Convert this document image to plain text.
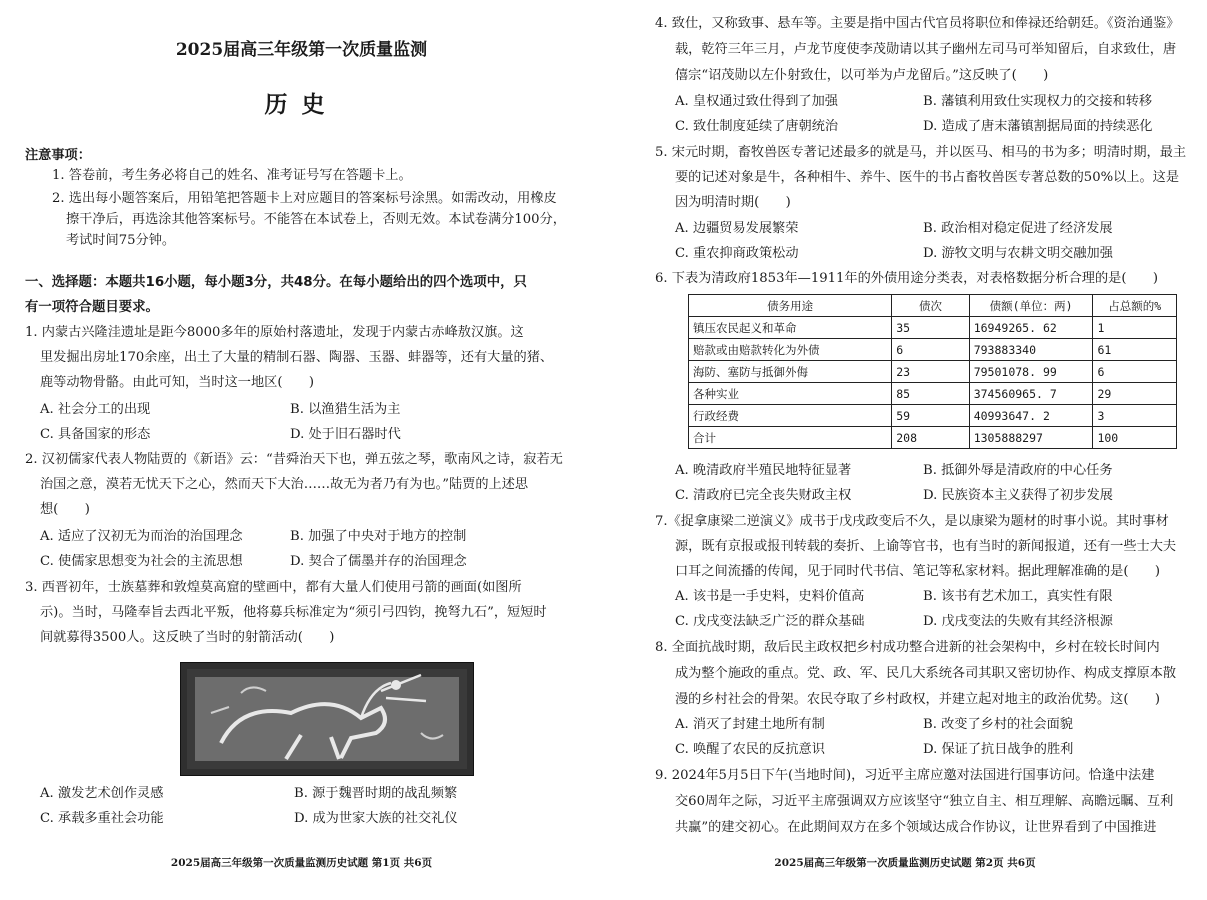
2025届高三年级第一次质量监测
历史
注意事项：
1. 答卷前，考生务必将自己的姓名、准考证号写在答题卡上。
2. 选出每小题答案后，用铅笔把答题卡上对应题目的答案标号涂黑。如需改动，用橡皮
擦干净后，再选涂其他答案标号。不能答在本试卷上，否则无效。本试卷满分100分，
考试时间75分钟。
一、选择题：本题共16小题，每小题3分，共48分。在每小题给出的四个选项中，只
有一项符合题目要求。
1. 内蒙古兴隆洼遗址是距今8000多年的原始村落遗址，发现于内蒙古赤峰敖汉旗。这
里发掘出房址170余座，出土了大量的精制石器、陶器、玉器、蚌器等，还有大量的猪、
鹿等动物骨骼。由此可知，当时这一地区(　　)
A. 社会分工的出现	B. 以渔猎生活为主
C. 具备国家的形态	D. 处于旧石器时代
2. 汉初儒家代表人物陆贾的《新语》云：“昔舜治天下也，弹五弦之琴，歌南风之诗，寂若无
治国之意，漠若无忧天下之心，然而天下大治……故无为者乃有为也。”陆贾的上述思
想(　　)
A. 适应了汉初无为而治的治国理念	B. 加强了中央对于地方的控制
C. 使儒家思想变为社会的主流思想	D. 契合了儒墨并存的治国理念
3. 西晋初年，士族墓葬和敦煌莫高窟的壁画中，都有大量人们使用弓箭的画面(如图所
示)。当时，马隆奉旨去西北平叛，他将募兵标准定为“须引弓四钧，挽弩九石”，短短时
间就募得3500人。这反映了当时的射箭活动(　　)
A. 激发艺术创作灵感	B. 源于魏晋时期的战乱频繁
C. 承载多重社会功能	D. 成为世家大族的社交礼仪
2025届高三年级第一次质量监测历史试题 第1页 共6页
4. 致仕，又称致事、悬车等。主要是指中国古代官员将职位和俸禄还给朝廷。《资治通鉴》
载，乾符三年三月，卢龙节度使李茂勋请以其子幽州左司马可举知留后，自求致仕，唐
僖宗“诏茂勋以左仆射致仕，以可举为卢龙留后。”这反映了(　　)
A. 皇权通过致仕得到了加强	B. 藩镇利用致仕实现权力的交接和转移
C. 致仕制度延续了唐朝统治	D. 造成了唐末藩镇割据局面的持续恶化
5. 宋元时期，畜牧兽医专著记述最多的就是马，并以医马、相马的书为多；明清时期，最主
要的记述对象是牛，各种相牛、养牛、医牛的书占畜牧兽医专著总数的50%以上。这是
因为明清时期(　　)
A. 边疆贸易发展繁荣	B. 政治相对稳定促进了经济发展
C. 重农抑商政策松动	D. 游牧文明与农耕文明交融加强
6. 下表为清政府1853年—1911年的外债用途分类表，对表格数据分析合理的是(　　)
A. 晚清政府半殖民地特征显著	B. 抵御外辱是清政府的中心任务
C. 清政府已完全丧失财政主权	D. 民族资本主义获得了初步发展
7.《捉拿康梁二逆演义》成书于戊戌政变后不久，是以康梁为题材的时事小说。其时事材
源，既有京报或报刊转载的奏折、上谕等官书，也有当时的新闻报道，还有一些士大夫
口耳之间流播的传闻，见于同时代书信、笔记等私家材料。据此理解准确的是(　　)
A. 该书是一手史料，史料价值高	B. 该书有艺术加工，真实性有限
C. 戊戌变法缺乏广泛的群众基础	D. 戊戌变法的失败有其经济根源
8. 全面抗战时期，敌后民主政权把乡村成功整合进新的社会架构中，乡村在较长时间内
成为整个施政的重点。党、政、军、民几大系统各司其职又密切协作、构成支撑原本散
漫的乡村社会的骨架。农民夺取了乡村政权，并建立起对地主的政治优势。这(　　)
A. 消灭了封建土地所有制	B. 改变了乡村的社会面貌
C. 唤醒了农民的反抗意识	D. 保证了抗日战争的胜利
9. 2024年5月5日下午(当地时间)，习近平主席应邀对法国进行国事访问。恰逢中法建
交60周年之际，习近平主席强调双方应该坚守“独立自主、相互理解、高瞻远瞩、互利
共赢”的建交初心。在此期间双方在多个领域达成合作协议，让世界看到了中国推进
2025届高三年级第一次质量监测历史试题 第2页 共6页
债务用途	债次	债额(单位：两)	占总额的%
镇压农民起义和革命	35	16949265. 62	1
赔款或由赔款转化为外债	6	793883340	61
海防、塞防与抵御外侮	23	79501078. 99	6
各种实业	85	374560965. 7	29
行政经费	59	40993647. 2	3
合计	208	1305888297	100
